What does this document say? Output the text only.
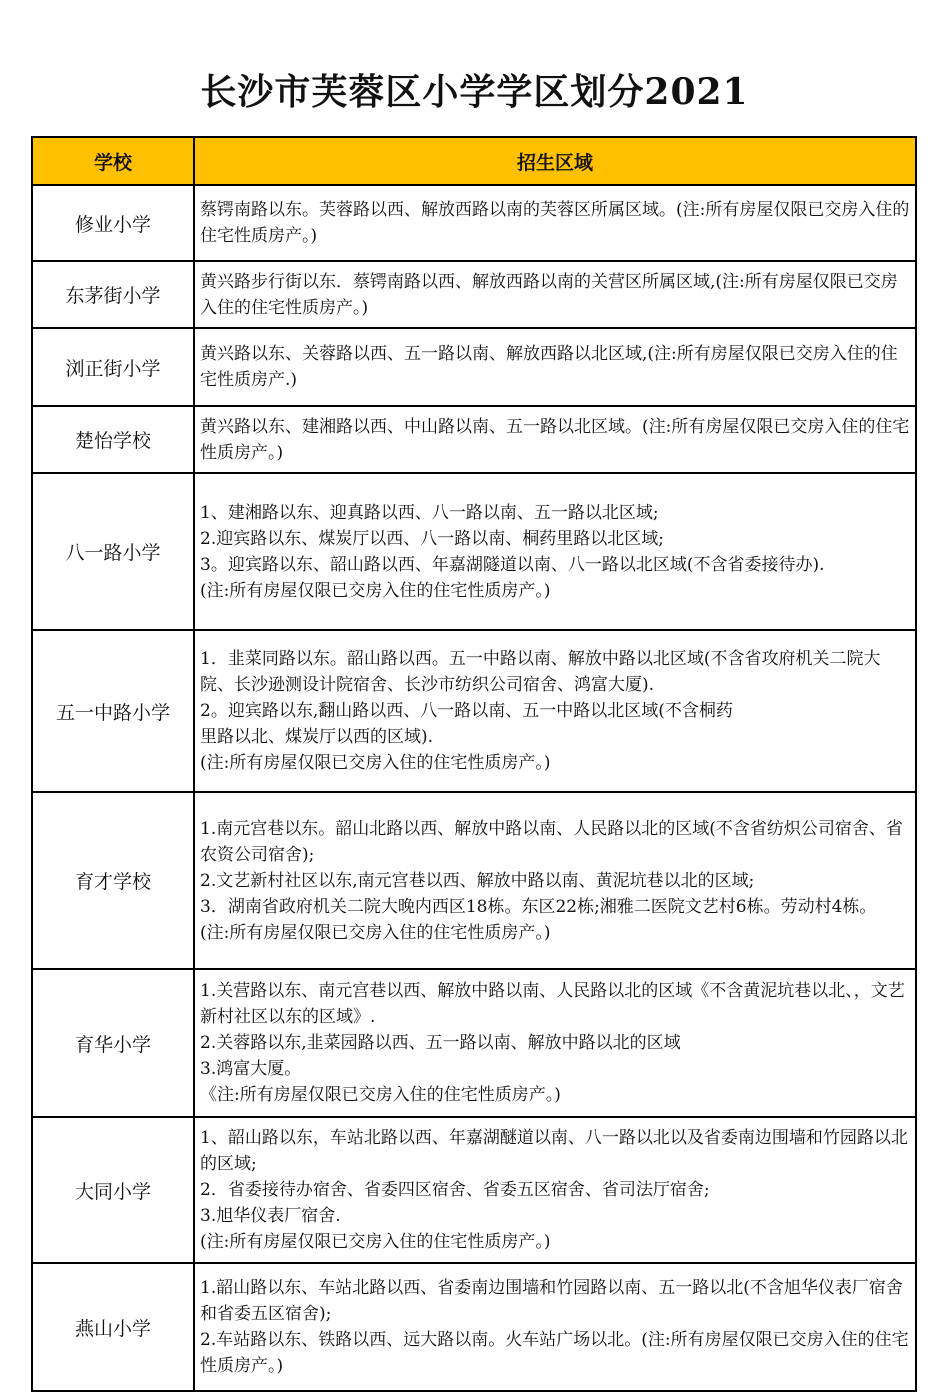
长沙市芙蓉区小学学区划分2021
学校	招生区域
修业小学	蔡锷南路以东。芙蓉路以西、解放西路以南的芙蓉区所属区域。(注:所有房屋仅限已交房入住的住宅性质房产。)

东茅街小学	黄兴路步行街以东．蔡锷南路以西、解放西路以南的关营区所属区域,(注:所有房屋仅限已交房入住的住宅性质房产。)

浏正街小学	黄兴路以东、关蓉路以西、五一路以南、解放西路以北区域,(注:所有房屋仅限已交房入住的住宅性质房产.)

楚怡学校	黄兴路以东、建湘路以西、中山路以南、五一路以北区域。(注:所有房屋仅限已交房入住的住宅性质房产。)

八一路小学	1、建湘路以东、迎真路以西、八一路以南、五一路以北区域;
2.迎宾路以东、煤炭厅以西、八一路以南、桐药里路以北区域;
3。迎宾路以东、韶山路以西、年嘉湖隧道以南、八一路以北区域(不含省委接待办).
(注:所有房屋仅限已交房入住的住宅性质房产。)

五一中路小学	1．韭菜同路以东。韶山路以西。五一中路以南、解放中路以北区域(不含省攻府机关二院大院、长沙逊测设计院宿舍、长沙市纺织公司宿舍、鸿富大厦).
2。迎宾路以东,翻山路以西、八一路以南、五一中路以北区域(不含桐药
里路以北、煤炭厅以西的区域).
(注:所有房屋仅限已交房入住的住宅性质房产。)

育才学校	1.南元宫巷以东。韶山北路以西、解放中路以南、人民路以北的区域(不含省纺炽公司宿舍、省农资公司宿舍);
2.文艺新村社区以东,南元宫巷以西、解放中路以南、黄泥坑巷以北的区域;
3．湖南省政府机关二院大晚内西区18栋。东区22栋;湘雅二医院文艺村6栋。劳动村4栋。
(注:所有房屋仅限已交房入住的住宅性质房产。)

育华小学	1.关营路以东、南元宫巷以西、解放中路以南、人民路以北的区域《不含黄泥坑巷以北、，文艺新村社区以东的区域》.
2.关蓉路以东,韭菜园路以西、五一路以南、解放中路以北的区域
3.鸿富大厦。
《注:所有房屋仅限已交房入住的住宅性质房产。)

大同小学	1、韶山路以东，车站北路以西、年嘉湖醚道以南、八一路以北以及省委南边围墙和竹园路以北的区域;
2．省委接待办宿舍、省委四区宿舍、省委五区宿舍、省司法厅宿舍;
3.旭华仪表厂宿舍.
(注:所有房屋仅限已交房入住的住宅性质房产。)

燕山小学	1.韶山路以东、车站北路以西、省委南边围墙和竹园路以南、五一路以北(不含旭华仪表厂宿舍和省委五区宿舍);
2.车站路以东、铁路以西、远大路以南。火车站广场以北。(注:所有房屋仅限已交房入住的住宅性质房产。)
